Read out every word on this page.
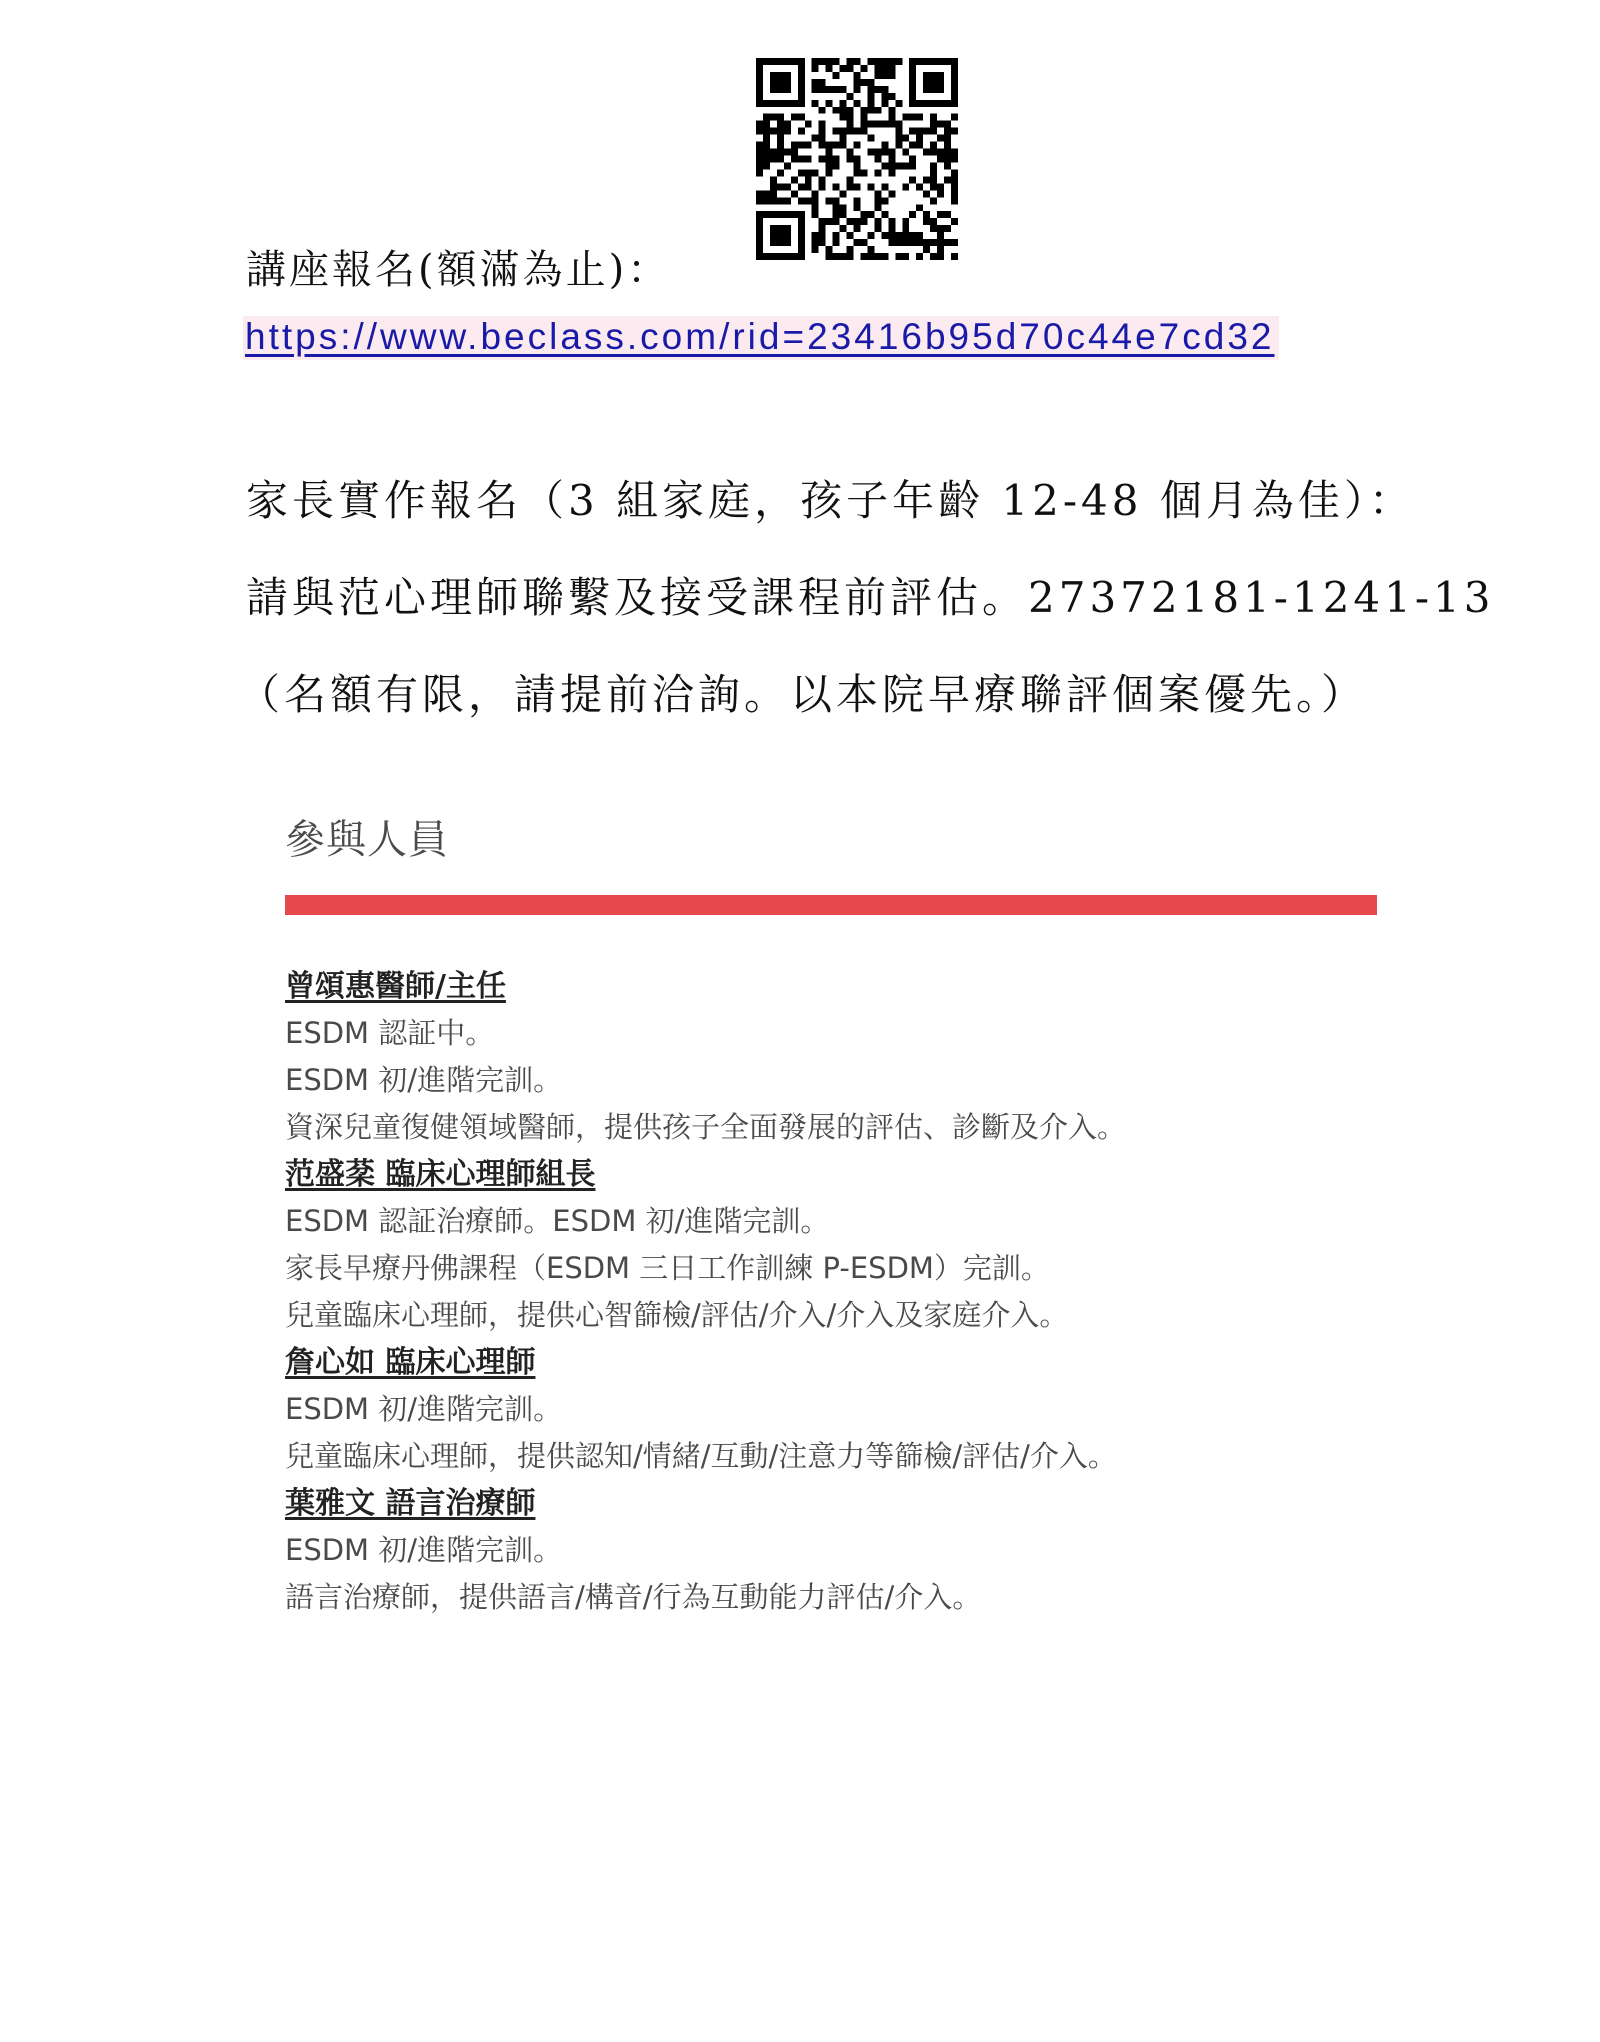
講座報名(額滿為止)：
https://www.beclass.com/rid=23416b95d70c44e7cd32
家長實作報名（3 組家庭，孩子年齡 12-48 個月為佳）：
請與范心理師聯繫及接受課程前評估。27372181-1241-13
（名額有限，請提前洽詢。以本院早療聯評個案優先。）
參與人員
曾頌惠醫師/主任
ESDM 認証中。
ESDM 初/進階完訓。
資深兒童復健領域醫師，提供孩子全面發展的評估、診斷及介入。
范盛棻 臨床心理師組長
ESDM 認証治療師。ESDM 初/進階完訓。
家長早療丹佛課程（ESDM 三日工作訓練 P-ESDM）完訓。
兒童臨床心理師，提供心智篩檢/評估/介入/介入及家庭介入。
詹心如 臨床心理師
ESDM 初/進階完訓。
兒童臨床心理師，提供認知/情緒/互動/注意力等篩檢/評估/介入。
葉雅文 語言治療師
ESDM 初/進階完訓。
語言治療師，提供語言/構音/行為互動能力評估/介入。
